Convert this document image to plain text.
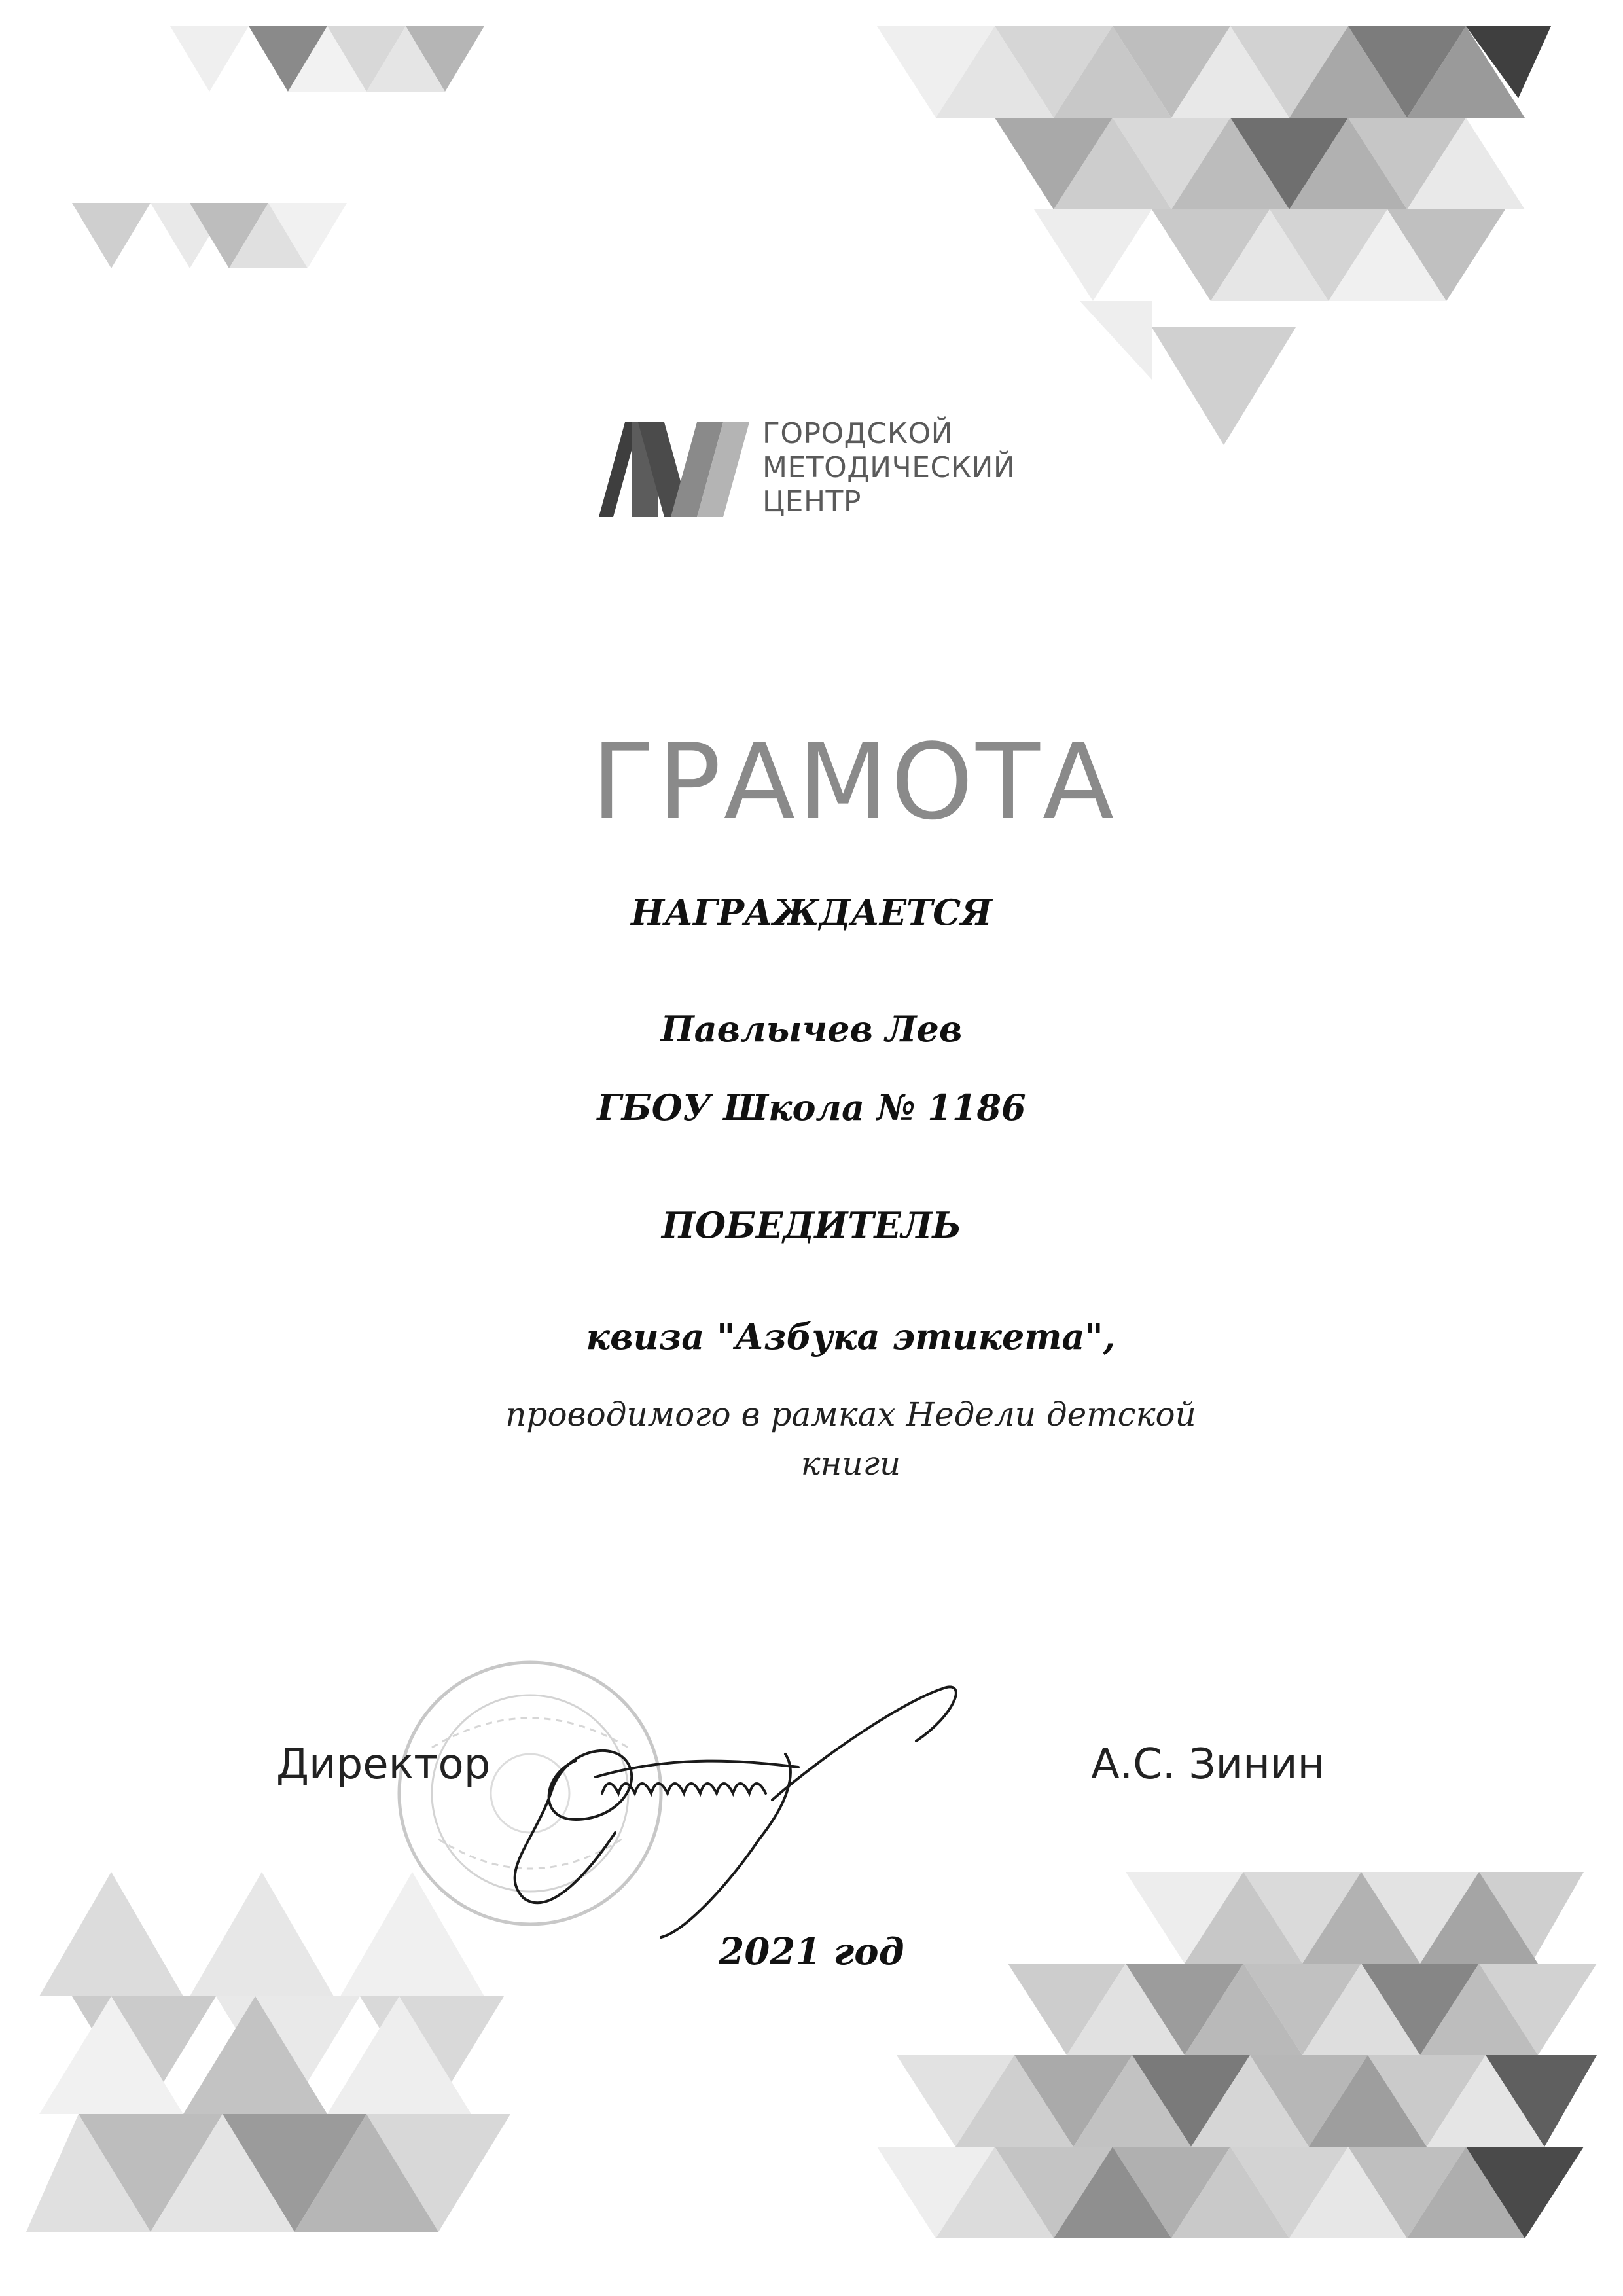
ГОРОДСКОЙ
МЕТОДИЧЕСКИЙ
ЦЕНТР
ГРАМОТА
НАГРАЖДАЕТСЯ
Павлычев Лев
ГБОУ Школа № 1186
ПОБЕДИТЕЛЬ
квиза "Азбука этикета",
проводимого в рамках Недели детской
книги
Директор	А.С. Зинин
2021 год
